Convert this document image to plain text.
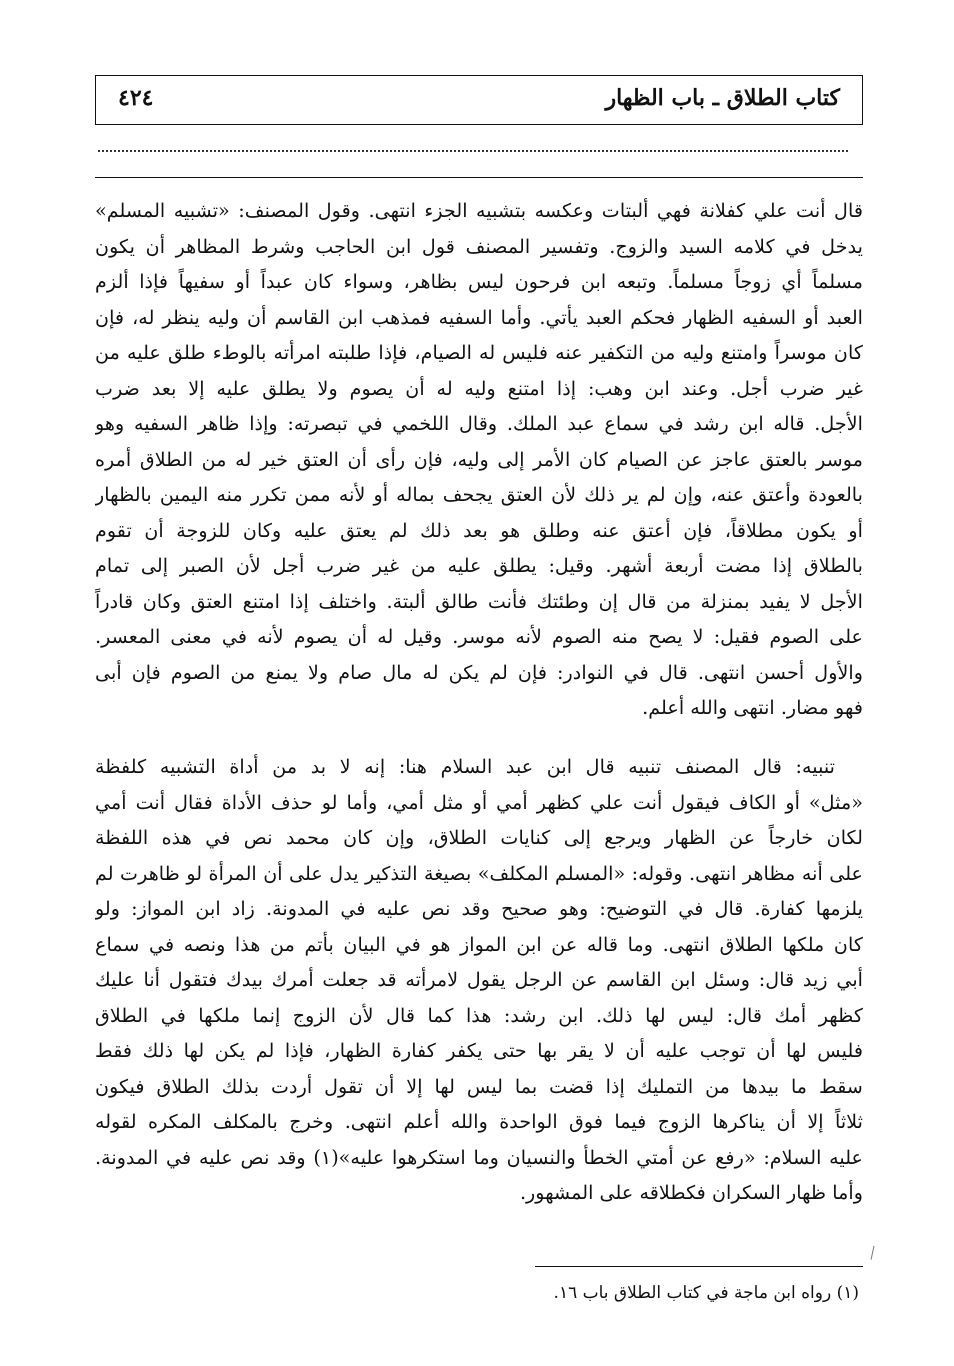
كتاب الطلاق ـ باب الظهار
٤٢٤
قال أنت علي كفلانة فهي ألبتات وعكسه بتشبيه الجزء انتهى. وقول المصنف: «تشبيه المسلم»
يدخل في كلامه السيد والزوج. وتفسير المصنف قول ابن الحاجب وشرط المظاهر أن يكون
مسلماً أي زوجاً مسلماً. وتبعه ابن فرحون ليس بظاهر، وسواء كان عبداً أو سفيهاً فإذا ألزم
العبد أو السفيه الظهار فحكم العبد يأتي. وأما السفيه فمذهب ابن القاسم أن وليه ينظر له، فإن
كان موسراً وامتنع وليه من التكفير عنه فليس له الصيام، فإذا طلبته امرأته بالوطء طلق عليه من
غير ضرب أجل. وعند ابن وهب: إذا امتنع وليه له أن يصوم ولا يطلق عليه إلا بعد ضرب
الأجل. قاله ابن رشد في سماع عبد الملك. وقال اللخمي في تبصرته: وإذا ظاهر السفيه وهو
موسر بالعتق عاجز عن الصيام كان الأمر إلى وليه، فإن رأى أن العتق خير له من الطلاق أمره
بالعودة وأعتق عنه، وإن لم ير ذلك لأن العتق يجحف بماله أو لأنه ممن تكرر منه اليمين بالظهار
أو يكون مطلاقاً، فإن أعتق عنه وطلق هو بعد ذلك لم يعتق عليه وكان للزوجة أن تقوم
بالطلاق إذا مضت أربعة أشهر. وقيل: يطلق عليه من غير ضرب أجل لأن الصبر إلى تمام
الأجل لا يفيد بمنزلة من قال إن وطئتك فأنت طالق ألبتة. واختلف إذا امتنع العتق وكان قادراً
على الصوم فقيل: لا يصح منه الصوم لأنه موسر. وقيل له أن يصوم لأنه في معنى المعسر.
والأول أحسن انتهى. قال في النوادر: فإن لم يكن له مال صام ولا يمنع من الصوم فإن أبى
فهو مضار. انتهى والله أعلم.
تنبيه: قال المصنف تنبيه قال ابن عبد السلام هنا: إنه لا بد من أداة التشبيه كلفظة
«مثل» أو الكاف فيقول أنت علي كظهر أمي أو مثل أمي، وأما لو حذف الأداة فقال أنت أمي
لكان خارجاً عن الظهار ويرجع إلى كنايات الطلاق، وإن كان محمد نص في هذه اللفظة
على أنه مظاهر انتهى. وقوله: «المسلم المكلف» بصيغة التذكير يدل على أن المرأة لو ظاهرت لم
يلزمها كفارة. قال في التوضيح: وهو صحيح وقد نص عليه في المدونة. زاد ابن المواز: ولو
كان ملكها الطلاق انتهى. وما قاله عن ابن المواز هو في البيان بأتم من هذا ونصه في سماع
أبي زيد قال: وسئل ابن القاسم عن الرجل يقول لامرأته قد جعلت أمرك بيدك فتقول أنا عليك
كظهر أمك قال: ليس لها ذلك. ابن رشد: هذا كما قال لأن الزوج إنما ملكها في الطلاق
فليس لها أن توجب عليه أن لا يقر بها حتى يكفر كفارة الظهار، فإذا لم يكن لها ذلك فقط
سقط ما بيدها من التمليك إذا قضت بما ليس لها إلا أن تقول أردت بذلك الطلاق فيكون
ثلاثاً إلا أن يناكرها الزوج فيما فوق الواحدة والله أعلم انتهى. وخرج بالمكلف المكره لقوله
عليه السلام: «رفع عن أمتي الخطأ والنسيان وما استكرهوا عليه»(١) وقد نص عليه في المدونة.
وأما ظهار السكران فكطلاقه على المشهور.
(١) رواه ابن ماجة في كتاب الطلاق باب ١٦.
